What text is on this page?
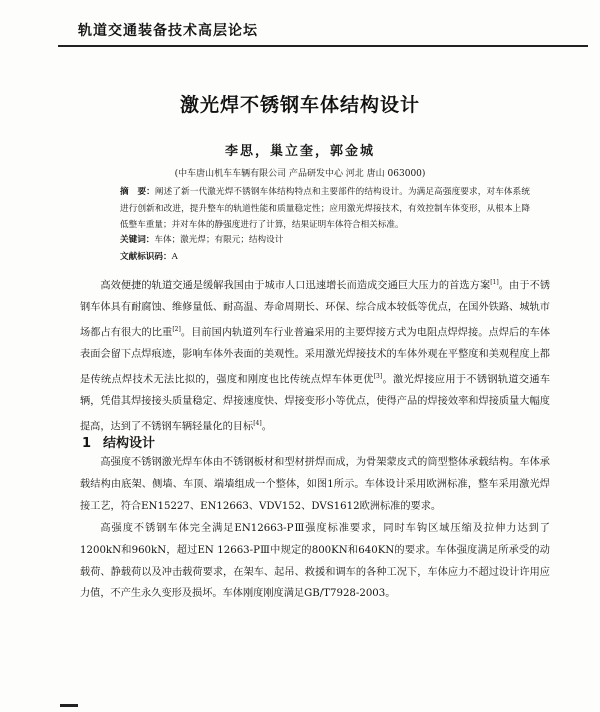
轨道交通装备技术高层论坛
激光焊不锈钢车体结构设计
李思，巢立奎，郭金城
(中车唐山机车车辆有限公司 产品研发中心 河北 唐山 063000)
摘　要：阐述了新一代激光焊不锈钢车体结构特点和主要部件的结构设计。为满足高强度要求，对车体系统进行创新和改进，提升整车的轨道性能和质量稳定性；应用激光焊接技术，有效控制车体变形，从根本上降低整车重量；并对车体的静强度进行了计算，结果证明车体符合相关标准。
关键词：车体；激光焊；有限元；结构设计
文献标识码：A
高效便捷的轨道交通是缓解我国由于城市人口迅速增长而造成交通巨大压力的首选方案[1]。由于不锈钢车体具有耐腐蚀、维修量低、耐高温、寿命周期长、环保、综合成本较低等优点，在国外铁路、城轨市场都占有很大的比重[2]。目前国内轨道列车行业普遍采用的主要焊接方式为电阻点焊焊接。点焊后的车体表面会留下点焊痕迹，影响车体外表面的美观性。采用激光焊接技术的车体外观在平整度和美观程度上都是传统点焊技术无法比拟的，强度和刚度也比传统点焊车体更优[3]。激光焊接应用于不锈钢轨道交通车辆，凭借其焊接接头质量稳定、焊接速度快、焊接变形小等优点，使得产品的焊接效率和焊接质量大幅度提高，达到了不锈钢车辆轻量化的目标[4]。
1 结构设计
高强度不锈钢激光焊车体由不锈钢板材和型材拼焊而成，为骨架蒙皮式的筒型整体承载结构。车体承载结构由底架、侧墙、车顶、端墙组成一个整体，如图1所示。车体设计采用欧洲标准，整车采用激光焊接工艺，符合EN15227、EN12663、VDV152、DVS1612欧洲标准的要求。
高强度不锈钢车体完全满足EN12663-PⅢ强度标准要求，同时车钩区域压缩及拉伸力达到了1200kN和960kN，超过EN 12663-PⅢ中规定的800KN和640KN的要求。车体强度满足所承受的动载荷、静载荷以及冲击载荷要求，在架车、起吊、救援和调车的各种工况下，车体应力不超过设计许用应力值，不产生永久变形及损坏。车体刚度刚度满足GB/T7928-2003。
